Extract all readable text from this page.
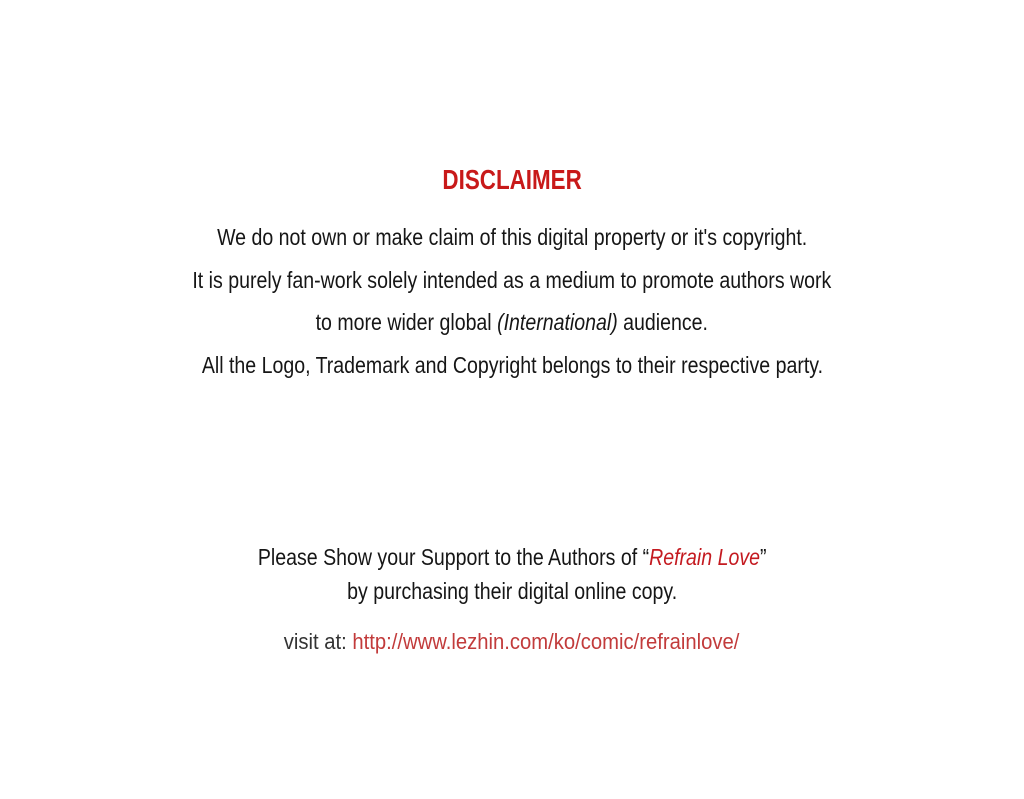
DISCLAIMER
We do not own or make claim of this digital property or it's copyright.
It is purely fan-work solely intended as a medium to promote authors work
to more wider global (International) audience.
All the Logo, Trademark and Copyright belongs to their respective party.
Please Show your Support to the Authors of “Refrain Love”
by purchasing their digital online copy.
visit at: http://www.lezhin.com/ko/comic/refrainlove/
